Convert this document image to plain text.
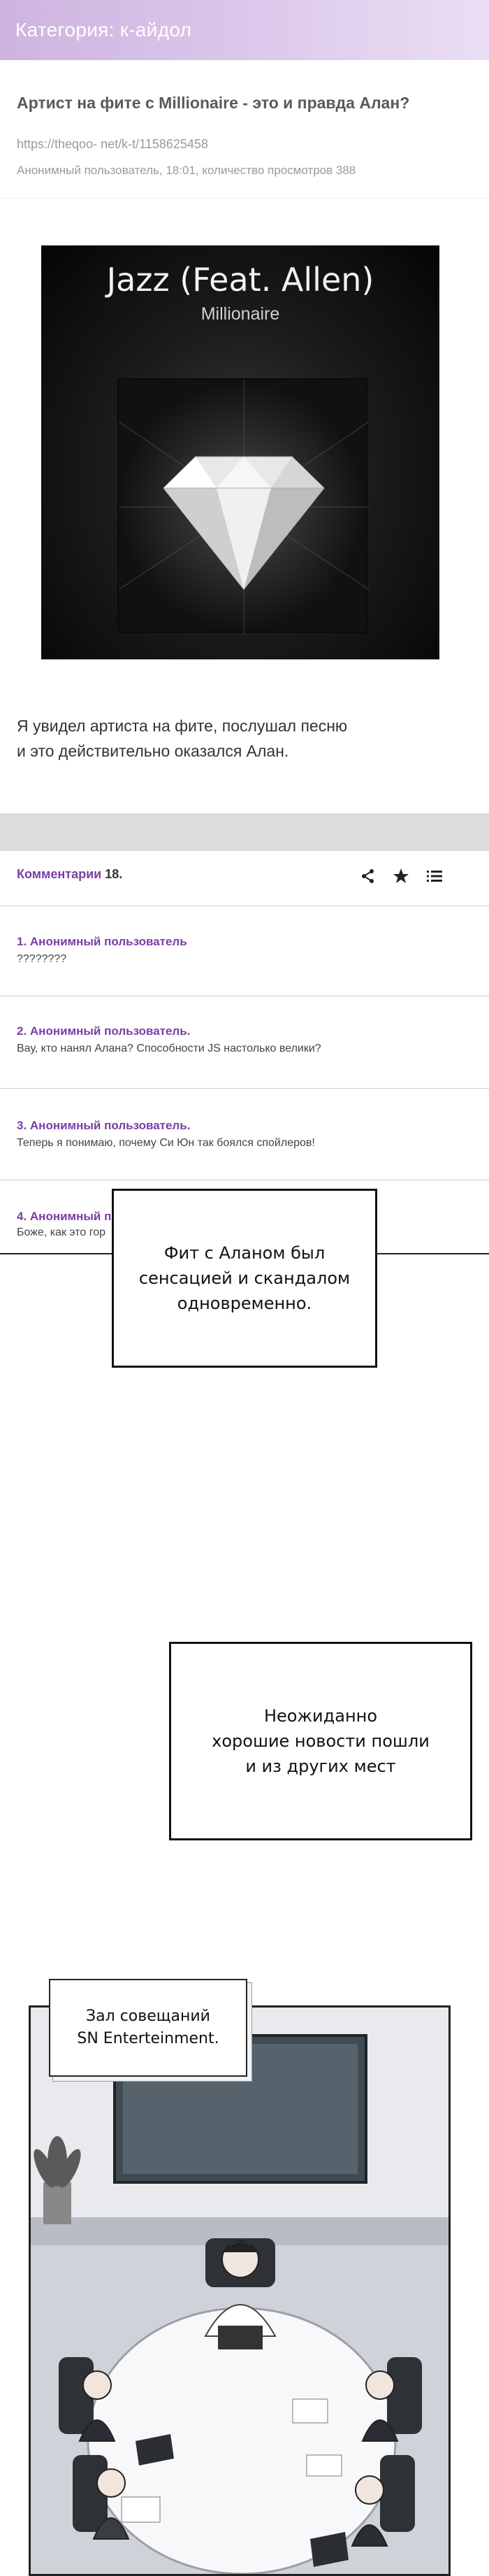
Категория: к-айдол
Артист на фите с Millionaire - это и правда Алан?
https://theqoo- net/k-t/1158625458
Анонимный пользователь, 18:01, количество просмотров 388
Jazz (Feat. Allen)
Millionaire
Я увидел артиста на фите, послушал песню
и это действительно оказался Алан.
Комментарии 18.
1. Анонимный пользователь
????????
2. Анонимный пользователь.
Вау, кто нанял Алана? Способности JS настолько велики?
3. Анонимный пользователь.
Теперь я понимаю, почему Си Юн так боялся спойлеров!
4. Анонимный п
Боже, как это гор
Фит с Аланом был
сенсацией и скандалом
одновременно.
Неожиданно
хорошие новости пошли
и из других мест
Зал совещаний
SN Enterteinment.
